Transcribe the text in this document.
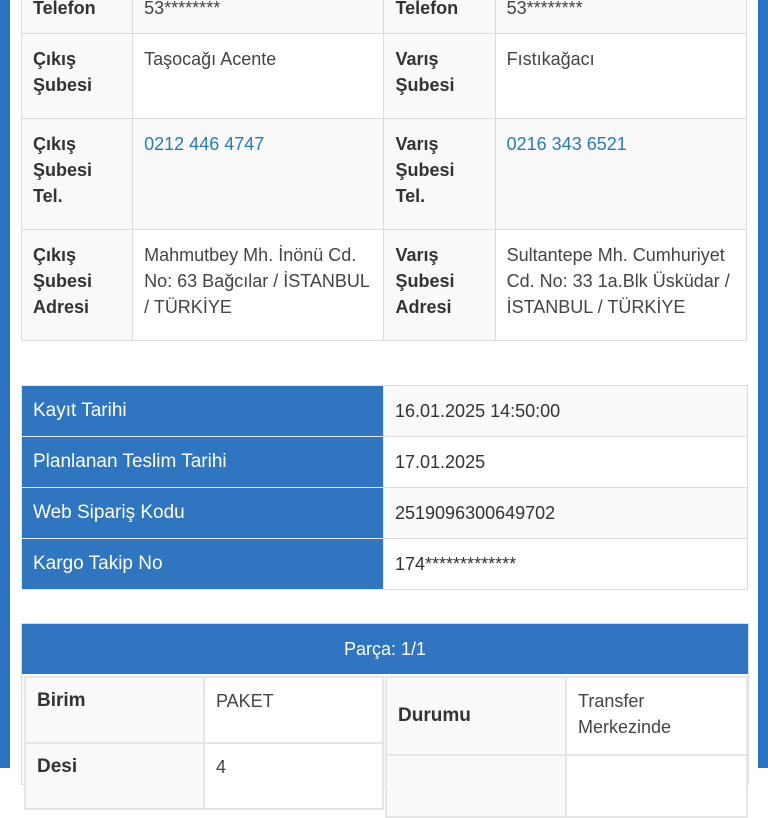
Telefon	53********	Telefon	53********
Çıkış Şubesi	Taşocağı Acente	Varış Şubesi	Fıstıkağacı
Çıkış Şubesi Tel.	0212 446 4747	Varış Şubesi Tel.	0216 343 6521
Çıkış Şubesi Adresi	Mahmutbey Mh. İnönü Cd. No: 63 Bağcılar / İSTANBUL / TÜRKİYE	Varış Şubesi Adresi	Sultantepe Mh. Cumhuriyet Cd. No: 33 1a.Blk Üsküdar / İSTANBUL / TÜRKİYE
Kayıt Tarihi	16.01.2025 14:50:00
Planlanan Teslim Tarihi	17.01.2025
Web Sipariş Kodu	2519096300649702
Kargo Takip No	174*************
Parça: 1/1
Birim	PAKET
Desi	4
Durumu	Transfer Merkezinde
